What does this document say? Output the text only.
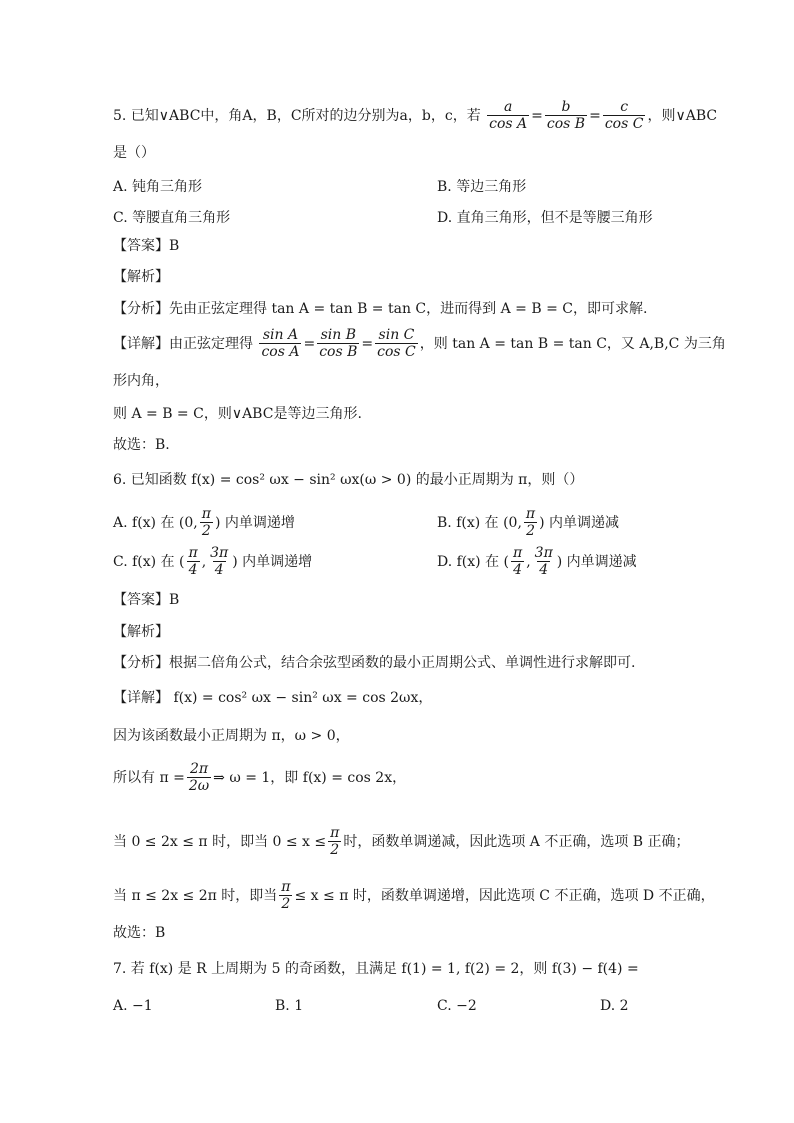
5. 已知∨ABC中，角A，B，C所对的边分别为a，b，c，若 $\frac{a}{\text{cos A}} = \frac{b}{\text{cos B}} = \frac{c}{\text{cos C}}$ ，则∨ABC
是（）
A. 钝角三角形	B. 等边三角形
C. 等腰直角三角形	D. 直角三角形，但不是等腰三角形
【答案】B
【解析】
【分析】先由正弦定理得 tan A = tan B = tan C，进而得到 A = B = C，即可求解.
【详解】由正弦定理得 $\frac{\text{sin A}}{\text{cos A}} = \frac{\text{sin B}}{\text{cos B}} = \frac{\text{sin C}}{\text{cos C}}$ ，则 tan A = tan B = tan C，又 A,B,C 为三角
形内角，
则 A = B = C，则∨ABC是等边三角形.
故选：B.
6. 已知函数 f(x) = cos² ωx − sin² ωx(ω > 0) 的最小正周期为 π，则（）
A. f(x) 在 (0, $\frac{\pi}{2}$ ) 内单调递增	B. f(x) 在 (0, $\frac{\pi}{2}$ ) 内单调递减
C. f(x) 在 ( $\frac{\pi}{4}$ , $\frac{3\pi}{4}$ ) 内单调递增	D. f(x) 在 ( $\frac{\pi}{4}$ , $\frac{3\pi}{4}$ ) 内单调递减
【答案】B
【解析】
【分析】根据二倍角公式，结合余弦型函数的最小正周期公式、单调性进行求解即可.
【详解】 f(x) = cos² ωx − sin² ωx = cos 2ωx，
因为该函数最小正周期为 π，ω > 0，
所以有 $\pi = \frac{2\pi}{2\omega}$ ⇒ ω = 1，即 f(x) = cos 2x，
当 0 ≤ 2x ≤ π 时，即当 $0 \le x \le \frac{\pi}{2}$ 时，函数单调递减，因此选项 A 不正确，选项 B 正确；
当 π ≤ 2x ≤ 2π 时，即当 $\frac{\pi}{2} \le x \le \pi$ 时，函数单调递增，因此选项 C 不正确，选项 D 不正确，
故选：B
7. 若 f(x) 是 R 上周期为 5 的奇函数，且满足 f(1) = 1, f(2) = 2，则 f(3) − f(4) =
A. −1	B. 1	C. −2	D. 2
